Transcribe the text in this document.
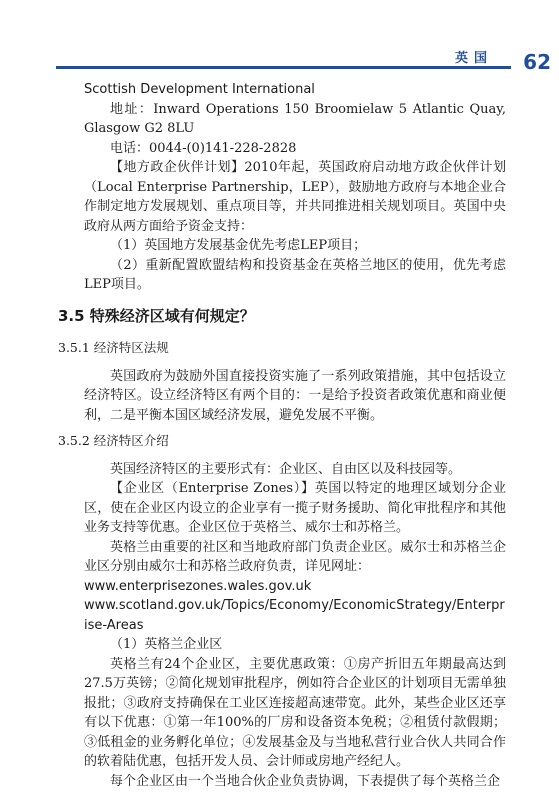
英国 62

Scottish Development International

地址：Inward Operations 150 Broomielaw 5 Atlantic Quay, Glasgow G2 8LU

电话：0044-(0)141-228-2828

【地方政企伙伴计划】2010年起，英国政府启动地方政企伙伴计划（Local Enterprise Partnership，LEP），鼓励地方政府与本地企业合作制定地方发展规划、重点项目等，并共同推进相关规划项目。英国中央政府从两方面给予资金支持：

（1）英国地方发展基金优先考虑LEP项目；

（2）重新配置欧盟结构和投资基金在英格兰地区的使用，优先考虑LEP项目。

3.5 特殊经济区域有何规定？

3.5.1 经济特区法规

英国政府为鼓励外国直接投资实施了一系列政策措施，其中包括设立经济特区。设立经济特区有两个目的：一是给予投资者政策优惠和商业便利，二是平衡本国区域经济发展，避免发展不平衡。

3.5.2 经济特区介绍

英国经济特区的主要形式有：企业区、自由区以及科技园等。

【企业区（Enterprise Zones）】英国以特定的地理区域划分企业区，使在企业区内设立的企业享有一揽子财务援助、简化审批程序和其他业务支持等优惠。企业区位于英格兰、威尔士和苏格兰。

英格兰由重要的社区和当地政府部门负责企业区。威尔士和苏格兰企业区分别由威尔士和苏格兰政府负责，详见网址：

www.enterprisezones.wales.gov.uk

www.scotland.gov.uk/Topics/Economy/EconomicStrategy/Enterprise-Areas

（1）英格兰企业区

英格兰有24个企业区，主要优惠政策：①房产折旧五年期最高达到27.5万英镑；②简化规划审批程序，例如符合企业区的计划项目无需单独报批；③政府支持确保在工业区连接超高速带宽。此外，某些企业区还享有以下优惠：①第一年100%的厂房和设备资本免税；②租赁付款假期；③低租金的业务孵化单位；④发展基金及与当地私营行业合伙人共同合作的软着陆优惠，包括开发人员、会计师或房地产经纪人。

每个企业区由一个当地合伙企业负责协调，下表提供了每个英格兰企
